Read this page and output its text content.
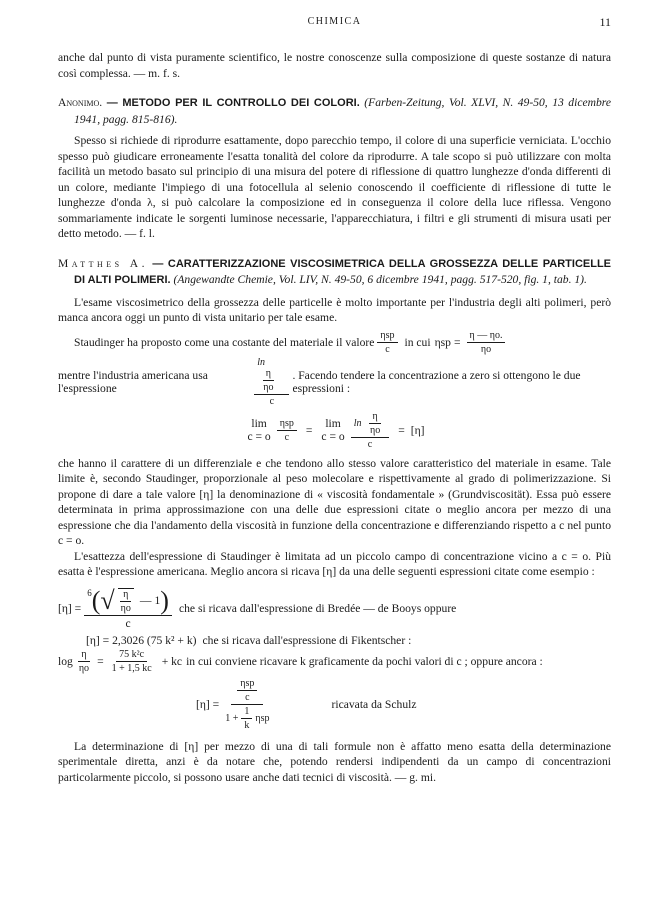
CHIMICA	11

anche dal punto di vista puramente scientifico, le nostre conoscenze sulla composizione di queste sostanze di natura così complessa. — m. f. s.

Anonimo. — METODO PER IL CONTROLLO DEI COLORI. (Farben-Zeitung, Vol. XLVI, N. 49-50, 13 dicembre 1941, pagg. 815-816).

Spesso si richiede di riprodurre esattamente, dopo parecchio tempo, il colore di una superficie verniciata. L'occhio spesso può giudicare erroneamente l'esatta tonalità del colore da riprodurre. A tale scopo si può utilizzare con molta facilità un metodo basato sul principio di una misura del potere di riflessione di quattro lunghezze d'onda differenti di un colore, mediante l'impiego di una fotocellula al selenio conoscendo il coefficiente di riflessione di tutte le lunghezze d'onda λ, si può calcolare la composizione ed in conseguenza il colore della luce riflessa. Vengono sommariamente indicate le sorgenti luminose necessarie, l'apparecchiatura, i filtri e gli strumenti di misura usati per detto metodo. — f. l.

Matthes A. — CARATTERIZZAZIONE VISCOSIMETRICA DELLA GROSSEZZA DELLE PARTICELLE DI ALTI POLIMERI. (Angewandte Chemie, Vol. LIV, N. 49-50, 6 dicembre 1941, pagg. 517-520, fig. 1, tab. 1).

L'esame viscosimetrico della grossezza delle particelle è molto importante per l'industria degli alti polimeri, però manca ancora oggi un punto di vista unitario per tale esame.

Staudinger ha proposto come una costante del materiale il valore $\frac{\text{ηsp}}{c}$ in cui $\eta sp = \frac{\eta — \eta o.}{\eta o}$
mentre l'industria americana usa l'espressione	ln
$\frac{\eta}{\eta o}$
c . Facendo tendere la concentrazione a zero si ottengono le due espressioni :
lim
c = o $\frac{\text{ηsp}}{c} = \lim$
c = o $\frac{\ln \frac{\eta}{\eta o}}{c} = [\eta]$

che hanno il carattere di un differenziale e che tendono allo stesso valore caratteristico del materiale in esame. Tale limite è, secondo Staudinger, proporzionale al peso molecolare e rispettivamente al grado di polimerizzazione. Si propone di dare a tale valore [η] la denominazione di « viscosità fondamentale » (Grundviscosität). Essa può essere determinata in prima approssimazione con una delle due espressioni citate o meglio ancora per mezzo di una espressione che dia l'andamento della viscosità in funzione della concentrazione e differenziando rispetto a c nel punto c = o.

L'esattezza dell'espressione di Staudinger è limitata ad un piccolo campo di concentrazione vicino a c = o. Più esatta è l'espressione americana. Meglio ancora si ricava [η] da una delle seguenti espressioni citate come esempio :

[η] =
6 (√ $\frac{\eta}{\eta o}$ — 1 )
c
che si ricava dall'espressione di Bredée — de Booys oppure
[η] = 2,3026 (75 k² + k) che si ricava dall'espressione di Fikentscher :
$\log \frac{\eta}{\eta o} = \frac{\text{75 k²c}}{1 + 1,5 kc}$ + kc in cui conviene ricavare k graficamente da pochi valori di c ; oppure ancora :
$[\eta] = \frac{\frac{\text{ηsp}}{c}}{1 + \frac{1}{k} \eta sp}$	ricavata da Schulz

La determinazione di [η] per mezzo di una di tali formule non è affatto meno esatta della determinazione sperimentale diretta, anzi è da notare che, potendo rendersi indipendenti da un campo di concentrazioni particolarmente piccolo, si possono usare anche dati tecnici di viscosità. — g. mi.
